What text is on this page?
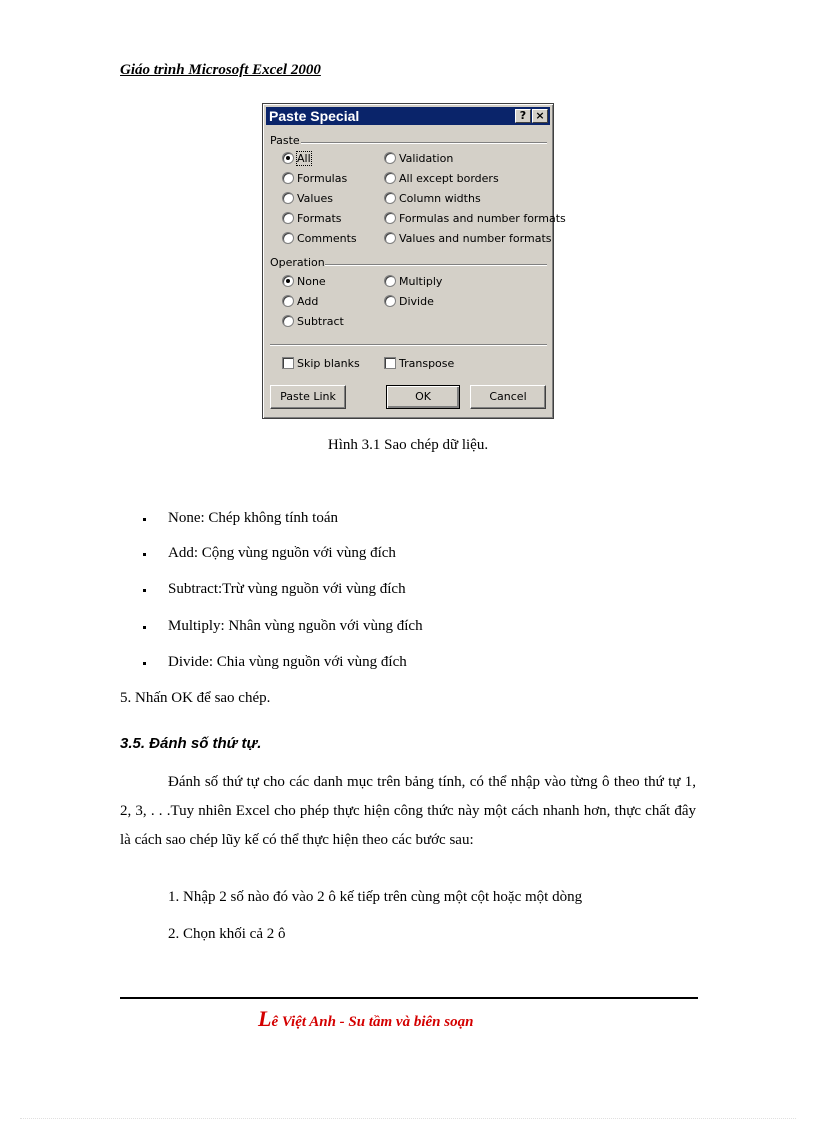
Giáo trình Microsoft Excel 2000
Paste Special	? ×
Paste
All
Formulas
Values
Formats
Comments
Validation
All except borders
Column widths
Formulas and number formats
Values and number formats
Operation
None
Add
Subtract
Multiply
Divide
Skip blanks	Transpose
Paste Link	OK	Cancel
Hình 3.1 Sao chép dữ liệu.
None: Chép không tính toán
Add: Cộng vùng nguồn với vùng đích
Subtract:Trừ vùng nguồn với vùng đích
Multiply: Nhân vùng nguồn với vùng đích
Divide: Chia vùng nguồn với vùng đích
5. Nhấn OK để sao chép.
3.5. Đánh số thứ tự.
Đánh số thứ tự cho các danh mục trên bảng tính, có thể nhập vào từng ô theo thứ tự 1, 2, 3, . . .Tuy nhiên Excel cho phép thực hiện công thức này một cách nhanh hơn, thực chất đây là cách sao chép lũy kế có thể thực hiện theo các bước sau:
1. Nhập 2 số nào đó vào 2 ô kế tiếp trên cùng một cột hoặc một dòng
2. Chọn khối cả 2 ô
Lê Việt Anh - Su tầm và biên soạn
